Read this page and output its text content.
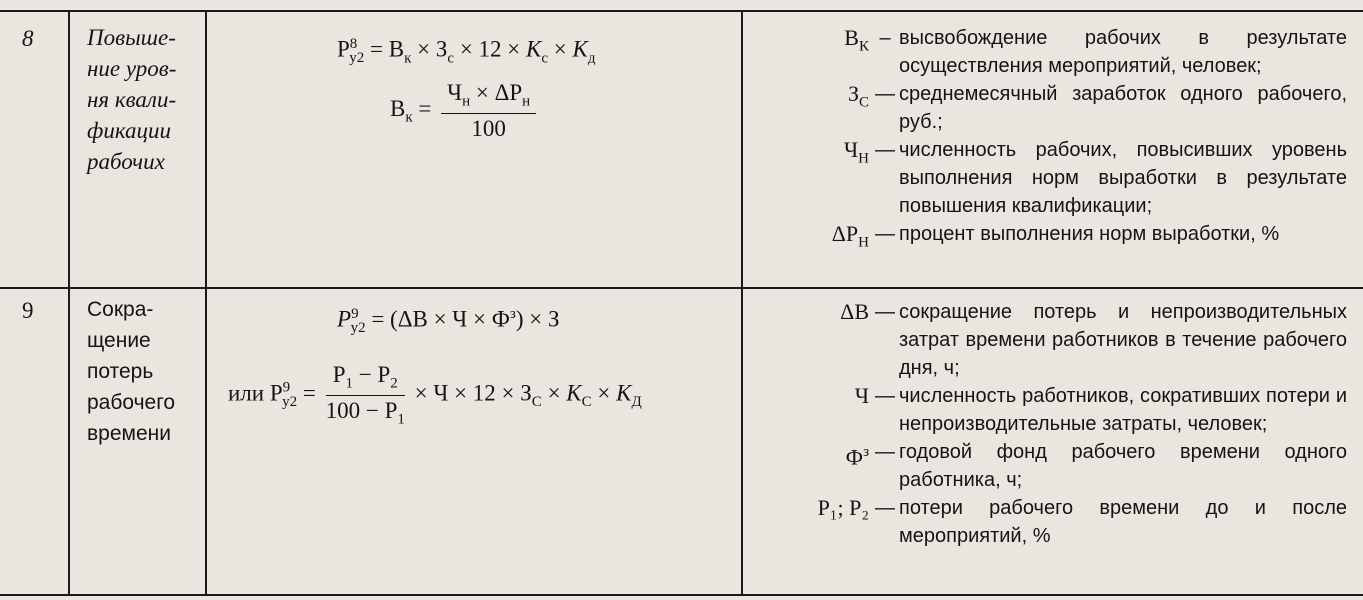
8 Повыше-
ние уров-
ня квали-
фикации
рабочих
$P^8_{y2} = B_к \times З_с \times 12 \times K_с \times K_д$
$B_к = \frac{Ч_н \times \Delta P_н}{100}$
$B_К$ – высвобождение рабочих в результате осуществления мероприятий, человек;
$З_С$ — среднемесячный заработок одного рабочего, руб.;
$Ч_Н$ — численность рабочих, повысивших уровень выполнения норм выработки в результате повышения квалификации;
$\Delta P_Н$ — процент выполнения норм выработки, %
9	Сокра-
щение
потерь
рабочего
времени
$P^9_{y2} = (\Delta B \times Ч \times Ф^з) \times З$
или $P^9_{y2} = \frac{P_1 - P_2}{100 - P_1} \times Ч \times 12 \times З_С \times K_С \times K_Д$
ΔB — сокращение потерь и непроизводительных затрат времени работников в течение рабочего дня, ч;
Ч — численность работников, сокративших потери и непроизводительные затраты, человек;
$Ф^з$ — годовой фонд рабочего времени одного работника, ч;
P₁; P₂ — потери рабочего времени до и после мероприятий, %
